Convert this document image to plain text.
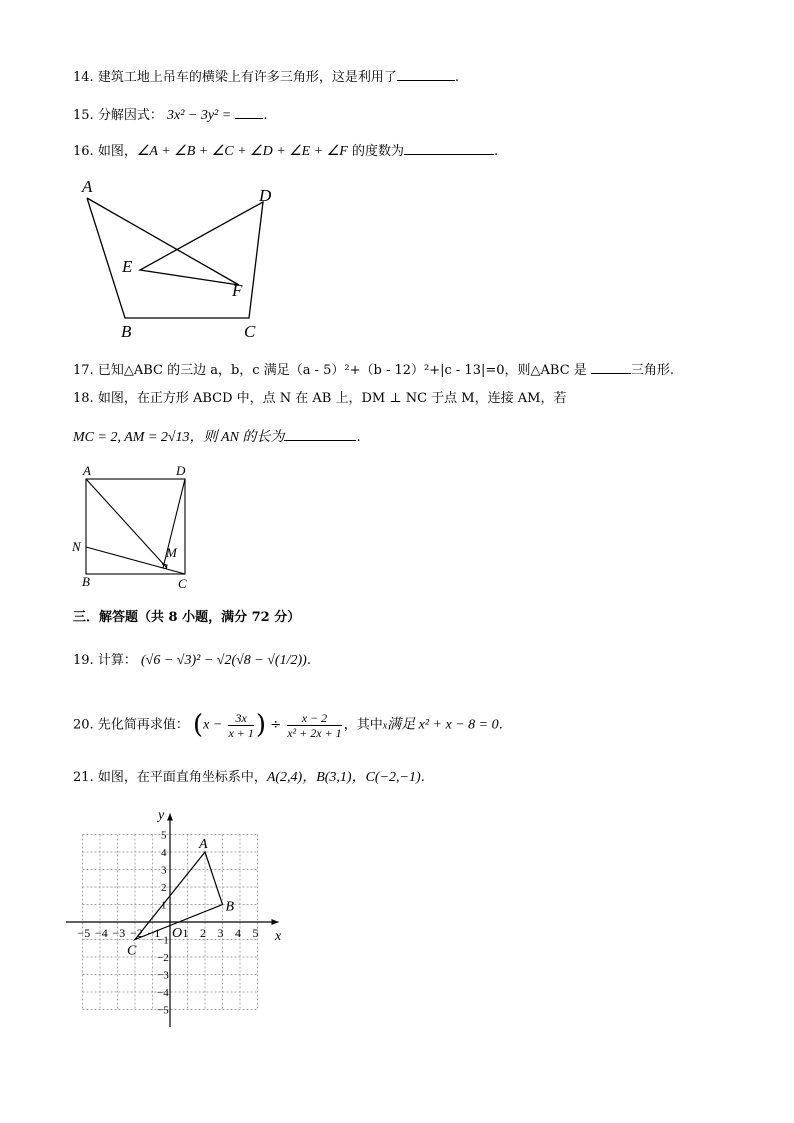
14. 建筑工地上吊车的横梁上有许多三角形，这是利用了	.
15. 分解因式： 3x² − 3y² = .
16. 如图，∠A + ∠B + ∠C + ∠D + ∠E + ∠F 的度数为	.
A	D
E
F
B	C
17. 已知△ABC 的三边 a，b，c 满足（a - 5）²+（b - 12）²+|c - 13|=0，则△ABC 是	三角形.
18. 如图，在正方形 ABCD 中，点 N 在 AB 上，DM ⊥ NC 于点 M，连接 AM，若
MC = 2, AM = 2√13，则 AN 的长为	.
A	D
N	M
B	C
三．解答题（共 8 小题，满分 72 分）
19. 计算： (√6 − √3)² − √2(√8 − √(1/2)).
20. 先化简再求值： ($x - \frac{3x}{x + 1}$ ) ÷ $\frac{x - 2}{\text{x² + 2x + 1}}$ ，其中x满足 x² + x − 8 = 0.
21. 如图，在平面直角坐标系中，A(2,4)，B(3,1)，C(−2,−1).
−5 −4 −3 −2 −1 1 2 3 4 5
5
4
3
2
1
−1
−2
−3
−4
−5
x
y
O
A
B
C
